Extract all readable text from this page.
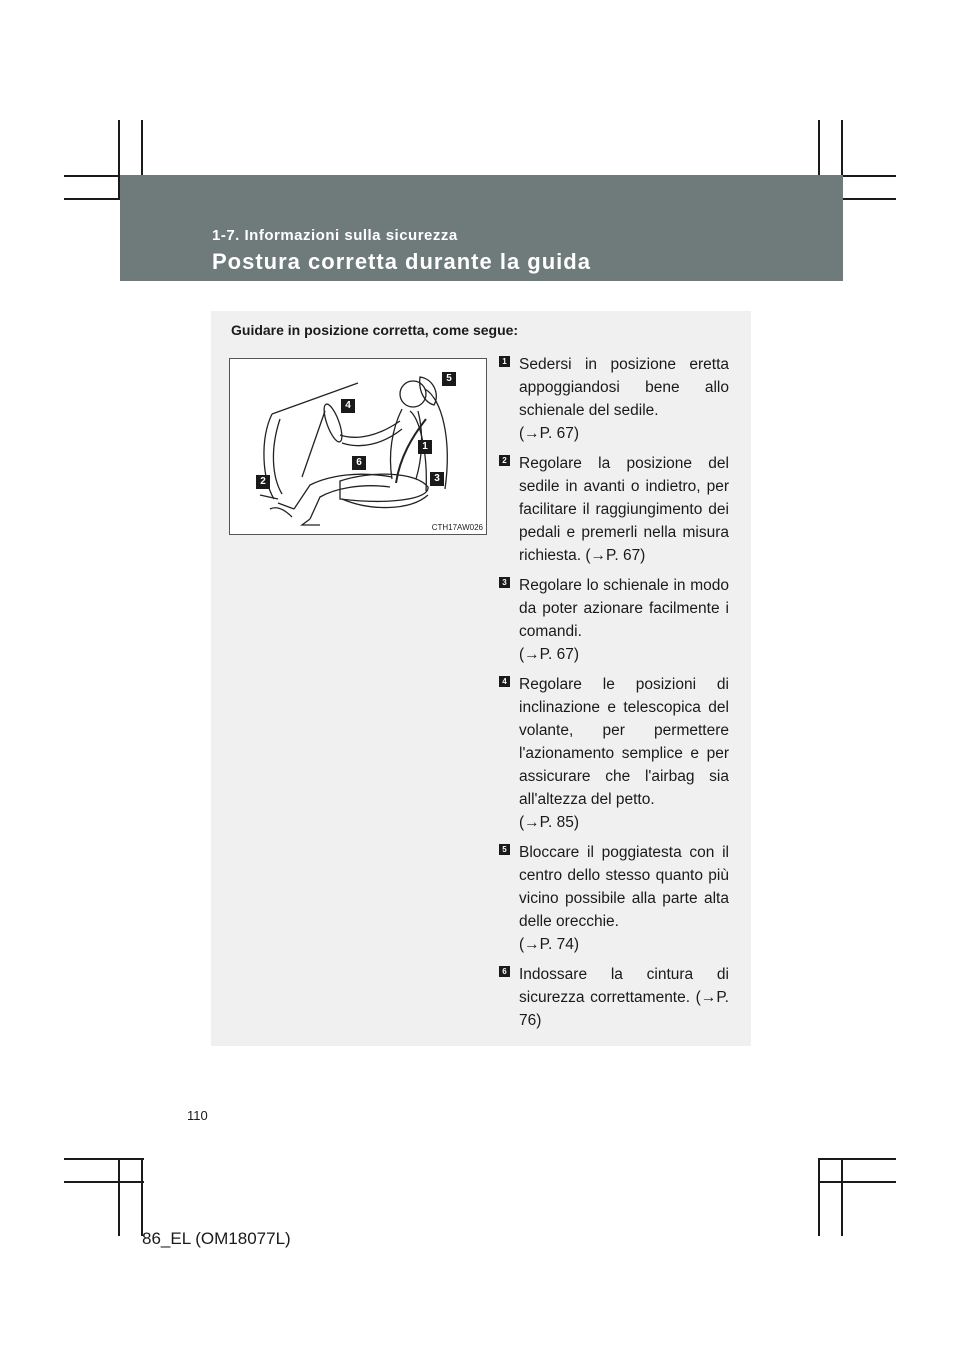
1-7. Informazioni sulla sicurezza
Postura corretta durante la guida
Guidare in posizione corretta, come segue:
1
2	3
4
5
6
CTH17AW026
1 Sedersi in posizione eretta appoggiandosi bene allo schienale del sedile.
(→P. 67)
2 Regolare la posizione del sedile in avanti o indietro, per facilitare il raggiungimento dei pedali e premerli nella misura richiesta. (→P. 67)
3 Regolare lo schienale in modo da poter azionare facilmente i comandi.
(→P. 67)
4 Regolare le posizioni di inclinazione e telescopica del volante, per permettere l'azionamento semplice e per assicurare che l'airbag sia all'altezza del petto.
(→P. 85)
5 Bloccare il poggiatesta con il centro dello stesso quanto più vicino possibile alla parte alta delle orecchie.
(→P. 74)
6 Indossare la cintura di sicurezza correttamente. (→P. 76)
110
86_EL (OM18077L)
